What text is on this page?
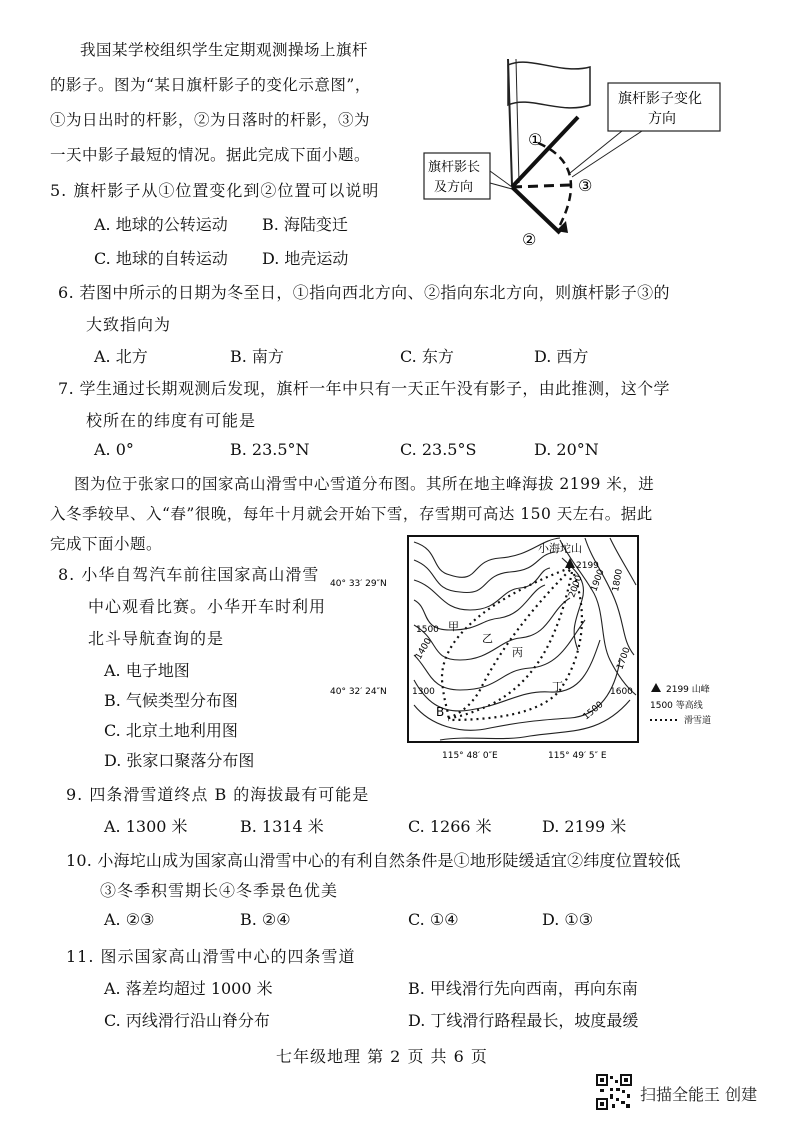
我国某学校组织学生定期观测操场上旗杆
的影子。图为“某日旗杆影子的变化示意图”，
①为日出时的杆影，②为日落时的杆影，③为
一天中影子最短的情况。据此完成下面小题。
①
③
②
旗杆影子变化
方向
旗杆影长
及方向
5. 旗杆影子从①位置变化到②位置可以说明
A. 地球的公转运动 B. 海陆变迁
C. 地球的自转运动 D. 地壳运动
6. 若图中所示的日期为冬至日，①指向西北方向、②指向东北方向，则旗杆影子③的
大致指向为
A. 北方	B. 南方	C. 东方	D. 西方
7. 学生通过长期观测后发现，旗杆一年中只有一天正午没有影子，由此推测，这个学
校所在的纬度有可能是
A. 0°	B. 23.5°N	C. 23.5°S	D. 20°N
图为位于张家口的国家高山滑雪中心雪道分布图。其所在地主峰海拔 2199 米，进
入冬季较早、入“春”很晚，每年十月就会开始下雪，存雪期可高达 150 天左右。据此
完成下面小题。	小海坨山
2199
2000 1900 1800
1700
1600
1500
1500
1400
1300
甲
乙
丙
丁
B
40° 33′ 29″N
40° 32′ 24″N
115° 48′ 0″E	115° 49′ 5″ E
2199 山峰
1500 等高线
滑雪道
8. 小华自驾汽车前往国家高山滑雪
中心观看比赛。小华开车时利用
北斗导航查询的是
A. 电子地图
B. 气候类型分布图
C. 北京土地利用图
D. 张家口聚落分布图
9. 四条滑雪道终点 B 的海拔最有可能是
A. 1300 米	B. 1314 米	C. 1266 米	D. 2199 米
10. 小海坨山成为国家高山滑雪中心的有利自然条件是①地形陡缓适宜②纬度位置较低
③冬季积雪期长④冬季景色优美
A. ②③	B. ②④	C. ①④	D. ①③
11. 图示国家高山滑雪中心的四条雪道
A. 落差均超过 1000 米	B. 甲线滑行先向西南，再向东南
C. 丙线滑行沿山脊分布	D. 丁线滑行路程最长，坡度最缓
七年级地理 第 2 页 共 6 页
扫描全能王 创建
